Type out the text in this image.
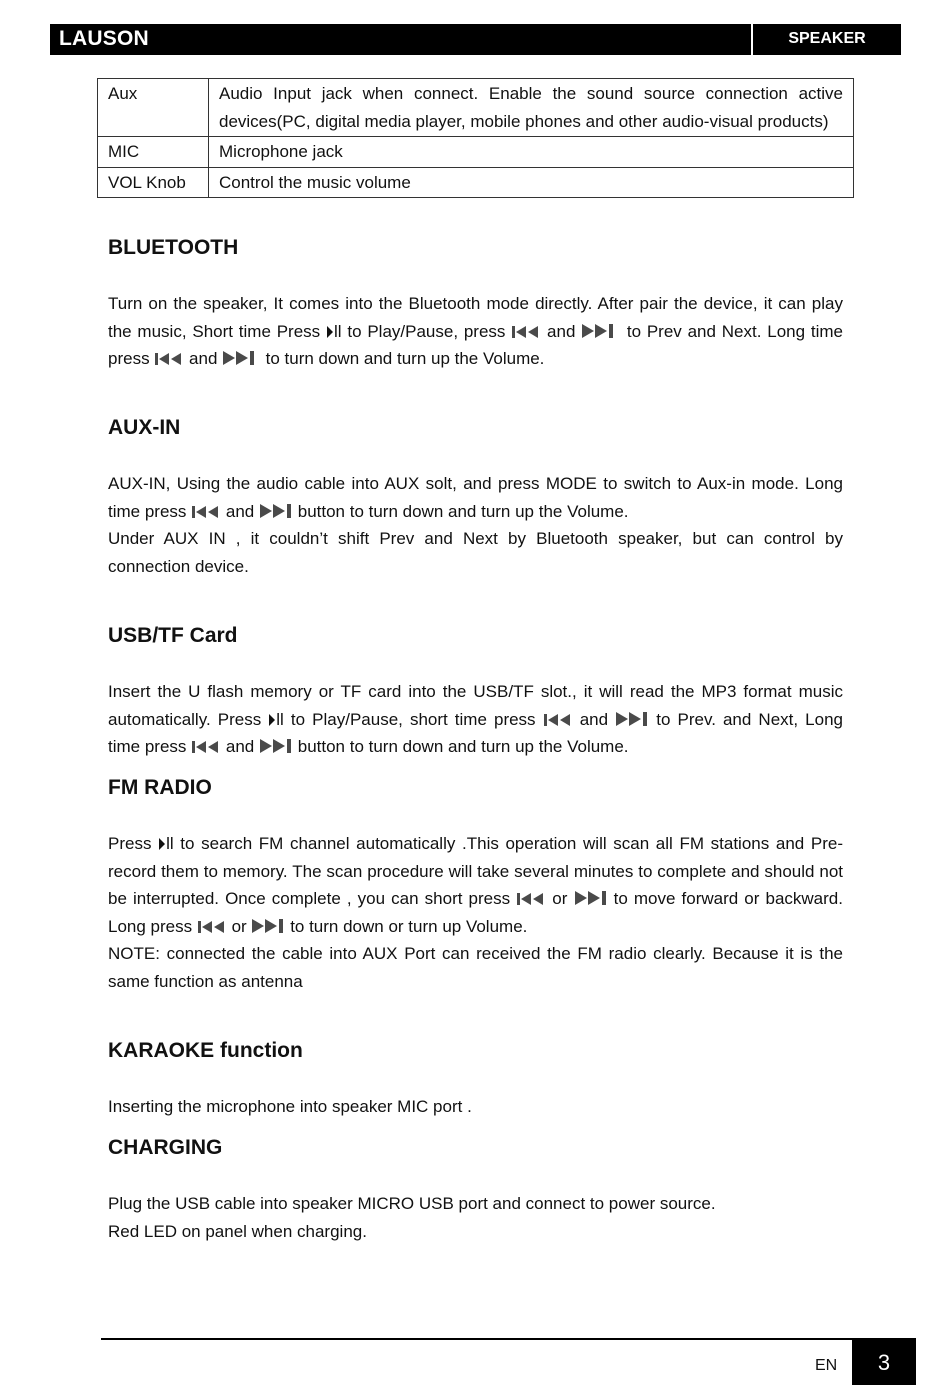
LAUSON	SPEAKER
Aux	Audio Input jack when connect. Enable the sound source connection active devices(PC, digital media player, mobile phones and other audio-visual products)
MIC	Microphone jack
VOL Knob	Control the music volume
BLUETOOTH

Turn on the speaker, It comes into the Bluetooth mode directly. After pair the device, it can play the music, Short time Press ll to Play/Pause, press and	to Prev and Next. Long time press and	to turn down and turn up the Volume.

AUX-IN
AUX-IN, Using the audio cable into AUX solt, and press MODE to switch to Aux-in mode. Long time press and	button to turn down and turn up the Volume.
Under AUX IN , it couldn’t shift Prev and Next by Bluetooth speaker, but can control by connection device.
USB/TF Card

Insert the U flash memory or TF card into the USB/TF slot., it will read the MP3 format music automatically. Press ll to Play/Pause, short time press	and	to Prev. and Next, Long time press and	button to turn down and turn up the Volume.

FM RADIO
Press ll to search FM channel automatically .This operation will scan all FM stations and Pre-record them to memory. The scan procedure will take several minutes to complete and should not be interrupted. Once complete , you can short press or	to move forward or backward. Long press or	to turn down or turn up Volume.
NOTE: connected the cable into AUX Port can received the FM radio clearly. Because it is the same function as antenna
KARAOKE function

Inserting the microphone into speaker MIC port .

CHARGING
Plug the USB cable into speaker MICRO USB port and connect to power source.
Red LED on panel when charging.
EN	3
